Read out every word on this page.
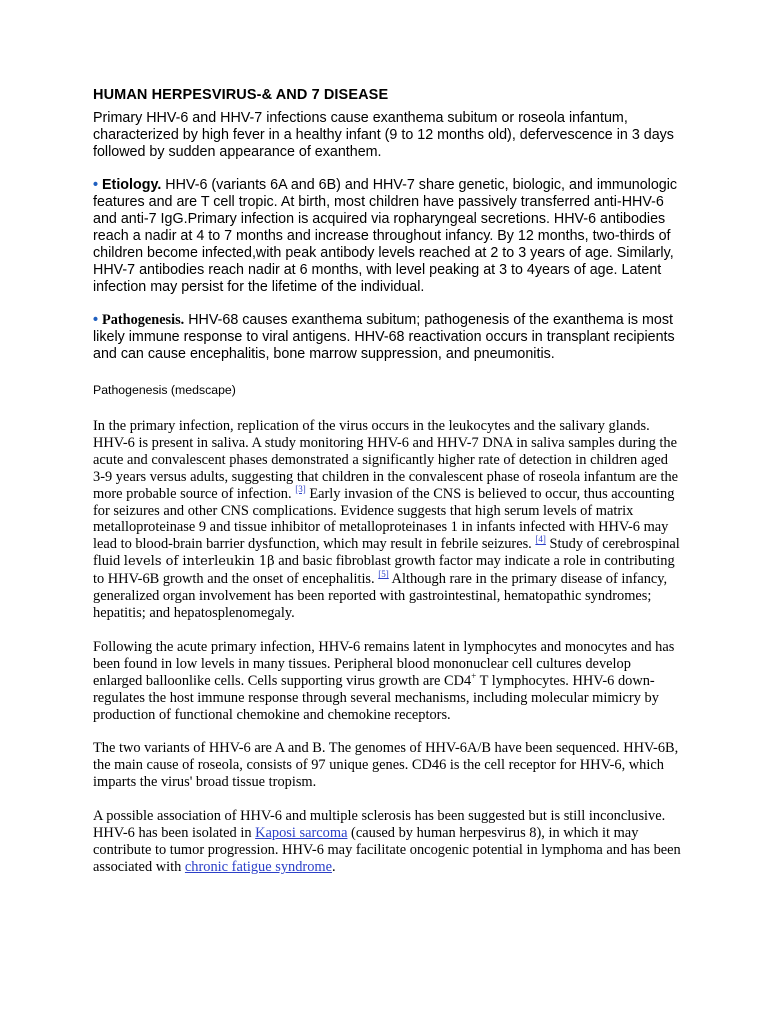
HUMAN HERPESVIRUS-& AND 7 DISEASE

Primary HHV-6 and HHV-7 infections cause exanthema subitum or roseola infantum, characterized by high fever in a healthy infant (9 to 12 months old), defervescence in 3 days followed by sudden appearance of exanthem.

• Etiology. HHV-6 (variants 6A and 6B) and HHV-7 share genetic, biologic, and immunologic features and are T cell tropic. At birth, most children have passively transferred anti-HHV-6 and anti-7 IgG.Primary infection is acquired via ropharyngeal secretions. HHV-6 antibodies reach a nadir at 4 to 7 months and increase throughout infancy. By 12 months, two-thirds of children become infected,with peak antibody levels reached at 2 to 3 years of age. Similarly, HHV-7 antibodies reach nadir at 6 months, with level peaking at 3 to 4years of age. Latent infection may persist for the lifetime of the individual.

• Pathogenesis. HHV-68 causes exanthema subitum; pathogenesis of the exanthema is most likely immune response to viral antigens. HHV-68 reactivation occurs in transplant recipients and can cause encephalitis, bone marrow suppression, and pneumonitis.

Pathogenesis (medscape)

In the primary infection, replication of the virus occurs in the leukocytes and the salivary glands. HHV-6 is present in saliva. A study monitoring HHV-6 and HHV-7 DNA in saliva samples during the acute and convalescent phases demonstrated a significantly higher rate of detection in children aged 3-9 years versus adults, suggesting that children in the convalescent phase of roseola infantum are the more probable source of infection. [3] Early invasion of the CNS is believed to occur, thus accounting for seizures and other CNS complications. Evidence suggests that high serum levels of matrix metalloproteinase 9 and tissue inhibitor of metalloproteinases 1 in infants infected with HHV-6 may lead to blood-brain barrier dysfunction, which may result in febrile seizures. [4] Study of cerebrospinal fluid levels of interleukin 1β and basic fibroblast growth factor may indicate a role in contributing to HHV-6B growth and the onset of encephalitis. [5] Although rare in the primary disease of infancy, generalized organ involvement has been reported with gastrointestinal, hematopathic syndromes; hepatitis; and hepatosplenomegaly.

Following the acute primary infection, HHV-6 remains latent in lymphocytes and monocytes and has been found in low levels in many tissues. Peripheral blood mononuclear cell cultures develop enlarged balloonlike cells. Cells supporting virus growth are CD4+ T lymphocytes. HHV-6 down-regulates the host immune response through several mechanisms, including molecular mimicry by production of functional chemokine and chemokine receptors.

The two variants of HHV-6 are A and B. The genomes of HHV-6A/B have been sequenced. HHV-6B, the main cause of roseola, consists of 97 unique genes. CD46 is the cell receptor for HHV-6, which imparts the virus' broad tissue tropism.

A possible association of HHV-6 and multiple sclerosis has been suggested but is still inconclusive. HHV-6 has been isolated in Kaposi sarcoma (caused by human herpesvirus 8), in which it may contribute to tumor progression. HHV-6 may facilitate oncogenic potential in lymphoma and has been associated with chronic fatigue syndrome.
